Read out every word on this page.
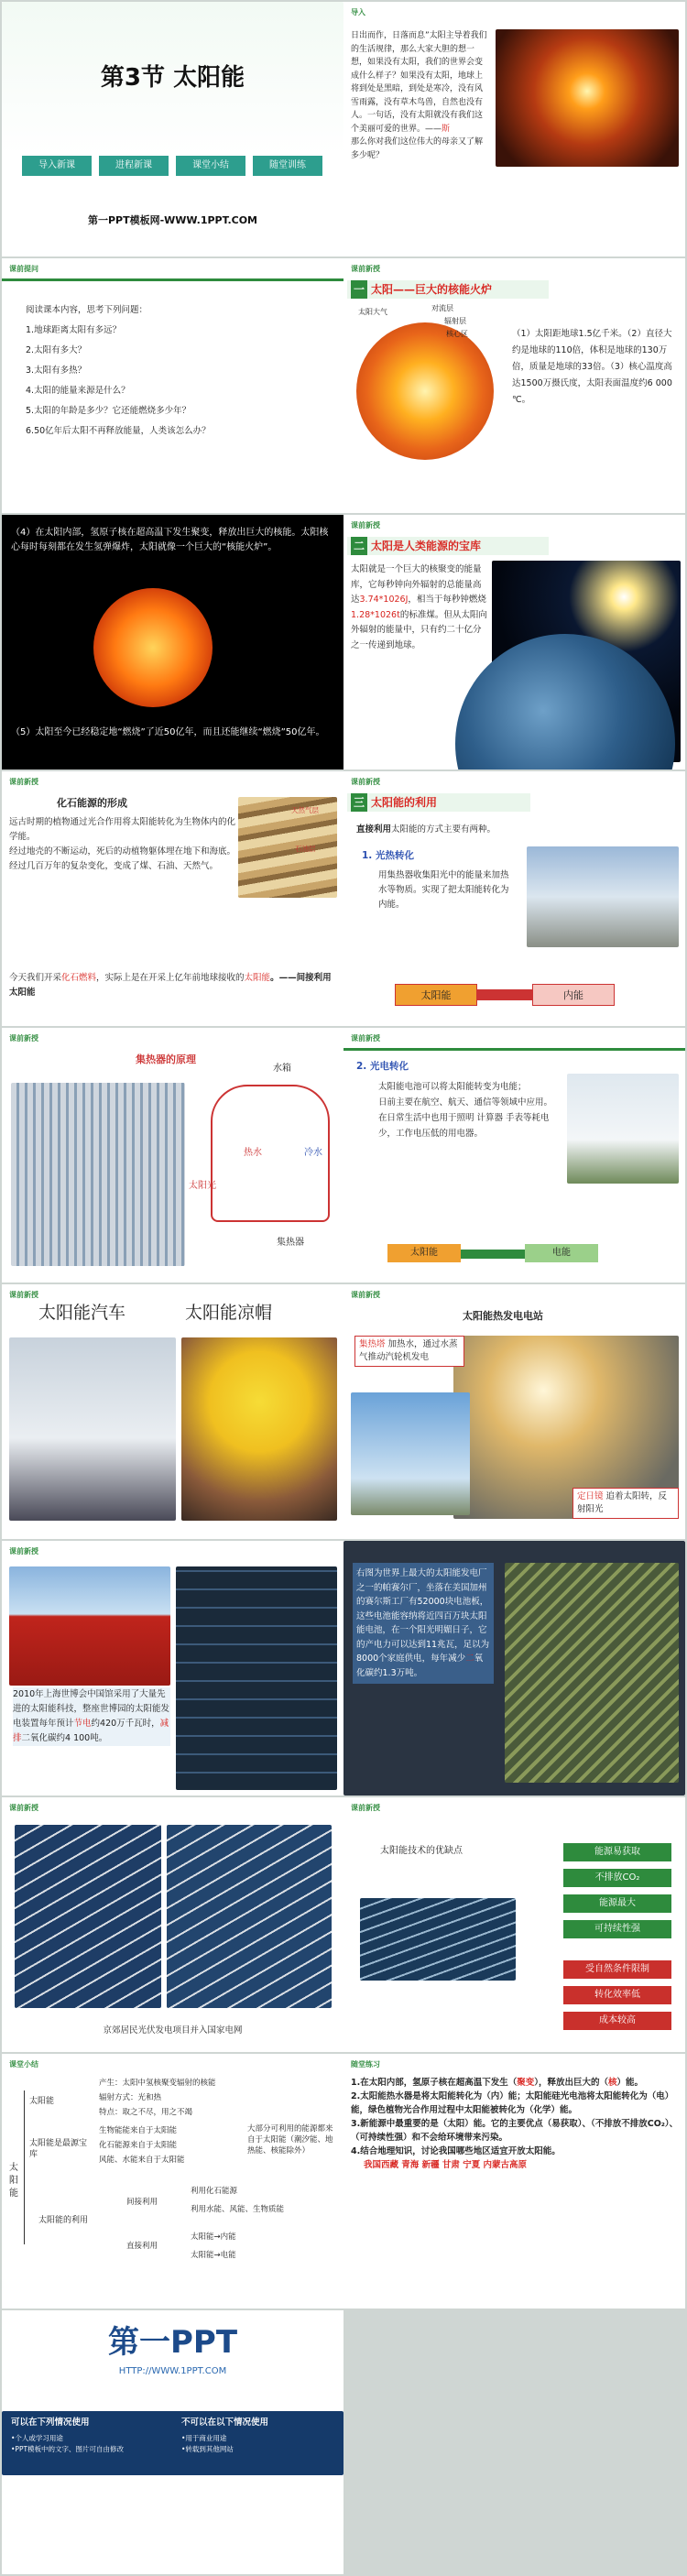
第3节 太阳能
导入新课	进程新课	课堂小结	随堂训练
第一PPT模板网-WWW.1PPT.COM
导入
日出而作，日落而息”太阳主导着我们的生活规律，那么大家大胆的想一想，如果没有太阳，我们的世界会变成什么样子？如果没有太阳，地球上将到处是黑暗，到处是寒冷，没有风雪雨露，没有草木鸟兽，自然也没有人。一句话，没有太阳就没有我们这个美丽可爱的世界。——斯
那么你对我们这位伟大的母亲又了解多少呢？
课前提问
阅读课本内容，思考下列问题：
1.地球距离太阳有多远？
2.太阳有多大？
3.太阳有多热？
4.太阳的能量来源是什么？
5.太阳的年龄是多少？它还能燃烧多少年？
6.50亿年后太阳不再释放能量，人类该怎么办？
课前新授
一 太阳——巨大的核能火炉
太阳大气	对流层
辐射层
核心区	（1）太阳距地球1.5亿千米。（2）直径大约是地球的110倍，体积是地球的130万倍，质量是地球的33倍。（3）核心温度高达1500万摄氏度，太阳表面温度约6 000 ℃。
（4）在太阳内部，氢原子核在超高温下发生聚变，释放出巨大的核能。太阳核心每时每刻都在发生氢弹爆炸，太阳就像一个巨大的“核能火炉”。
（5）太阳至今已经稳定地“燃烧”了近50亿年，而且还能继续“燃烧”50亿年。
课前新授
二 太阳是人类能源的宝库
太阳就是一个巨大的核聚变的能量库，它每秒钟向外辐射的总能量高达3.74*1026J，相当于每秒钟燃烧1.28*1026t的标准煤。但从太阳向外辐射的能量中，只有约二十亿分之一传递到地球。
课前新授
化石能源的形成
天然气层
石油层
远古时期的植物通过光合作用将太阳能转化为生物体内的化学能。
经过地壳的不断运动，死后的动植物躯体埋在地下和海底。
经过几百万年的复杂变化，变成了煤、石油、天然气。
今天我们开采化石燃料，实际上是在开采上亿年前地球接收的太阳能。——间接利用太阳能
课前新授
三 太阳能的利用
直接利用太阳能的方式主要有两种。
1. 光热转化
用集热器收集阳光中的能量来加热水等物质。实现了把太阳能转化为内能。
太阳能	内能
课前新授
集热器的原理
水箱
热水	冷水
太阳光
集热器
课前新授
2. 光电转化
太阳能电池可以将太阳能转变为电能；
日前主要在航空、航天、通信等领域中应用。
在日常生活中也用于照明 计算器 手表等耗电少，工作电压低的用电器。
太阳能	电能
课前新授
太阳能汽车	太阳能凉帽
课前新授
太阳能热发电电站
集热塔 加热水，通过水蒸气推动汽轮机发电
定日镜 追着太阳转，反射阳光
课前新授
2010年上海世博会中国馆采用了大量先进的太阳能科技，整座世博园的太阳能发电装置每年预计节电约420万千瓦时，减排二氧化碳约4 100吨。
右图为世界上最大的太阳能发电厂之一的帕赛尔厂，坐落在美国加州的赛尔斯工厂有52000块电池板，这些电池能容纳将近四百万块太阳能电池，在一个阳光明媚日子，它的产电力可以达到11兆瓦，足以为8000个家庭供电，每年减少二氧化碳约1.3万吨。
课前新授
太阳能技术的优缺点	能源易获取
不排放CO₂
能源最大
可持续性强
受自然条件限制
转化效率低
成本较高
课前新授
京郊居民光伏发电项目并入国家电网
课堂小结
太阳能
太阳能
产生：太阳中氢核聚变辐射的核能
辐射方式：光和热
特点：取之不尽，用之不竭
太阳能是最源宝库
生物能能来自于太阳能
化石能源来自于太阳能
风能、水能来自于太阳能
大部分可利用的能源都来自于太阳能（潮汐能、地热能、核能除外）
太阳能的利用
间接利用
利用化石能源
利用水能、风能、生物质能
直接利用
太阳能→内能
太阳能→电能
随堂练习
1.在太阳内部，氢原子核在超高温下发生（聚变），释放出巨大的（核）能。
2.太阳能热水器是将太阳能转化为（内）能；太阳能硅光电池将太阳能转化为（电）能，绿色植物光合作用过程中太阳能被转化为（化学）能。
3.新能源中最重要的是（太阳）能。它的主要优点（易获取）、（不排放不排放CO₂）、（可持续性强）和不会给环境带来污染。
4.结合地理知识，讨论我国哪些地区适宜开放太阳能。
我国西藏 青海 新疆 甘肃 宁夏 内蒙古高原
第一PPT
HTTP://WWW.1PPT.COM
可以在下列情况使用
•个人或学习用途
•PPT模板中的文字、图片可自由修改
不可以在以下情况使用
•用于商业用途
•转载到其他网站
